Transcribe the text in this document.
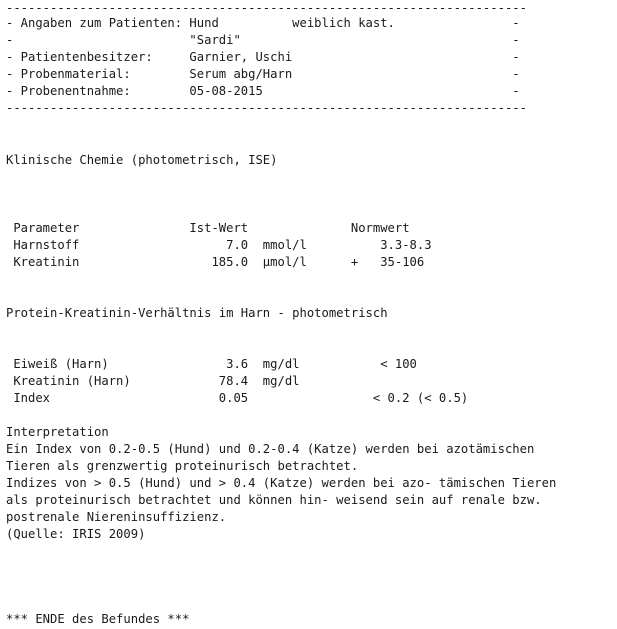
-----------------------------------------------------------------------
- Angaben zum Patienten: Hund          weiblich kast.                -
-                        "Sardi"                                     -
- Patientenbesitzer:     Garnier, Uschi                              -
- Probenmaterial:        Serum abg/Harn                              -
- Probenentnahme:        05-08-2015                                  -
-----------------------------------------------------------------------
Klinische Chemie (photometrisch, ISE)
Parameter               Ist-Wert              Normwert
Harnstoff                    7.0  mmol/l          3.3-8.3
Kreatinin                  185.0  µmol/l      +   35-106
Protein-Kreatinin-Verhältnis im Harn - photometrisch
Eiweiß (Harn)                3.6  mg/dl           < 100
Kreatinin (Harn)            78.4  mg/dl
Index                       0.05                 < 0.2 (< 0.5)
Interpretation
Ein Index von 0.2-0.5 (Hund) und 0.2-0.4 (Katze) werden bei azotämischen
Tieren als grenzwertig proteinurisch betrachtet.
Indizes von > 0.5 (Hund) und > 0.4 (Katze) werden bei azo- tämischen Tieren
als proteinurisch betrachtet und können hin- weisend sein auf renale bzw.
postrenale Niereninsuffizienz.
(Quelle: IRIS 2009)
*** ENDE des Befundes ***
